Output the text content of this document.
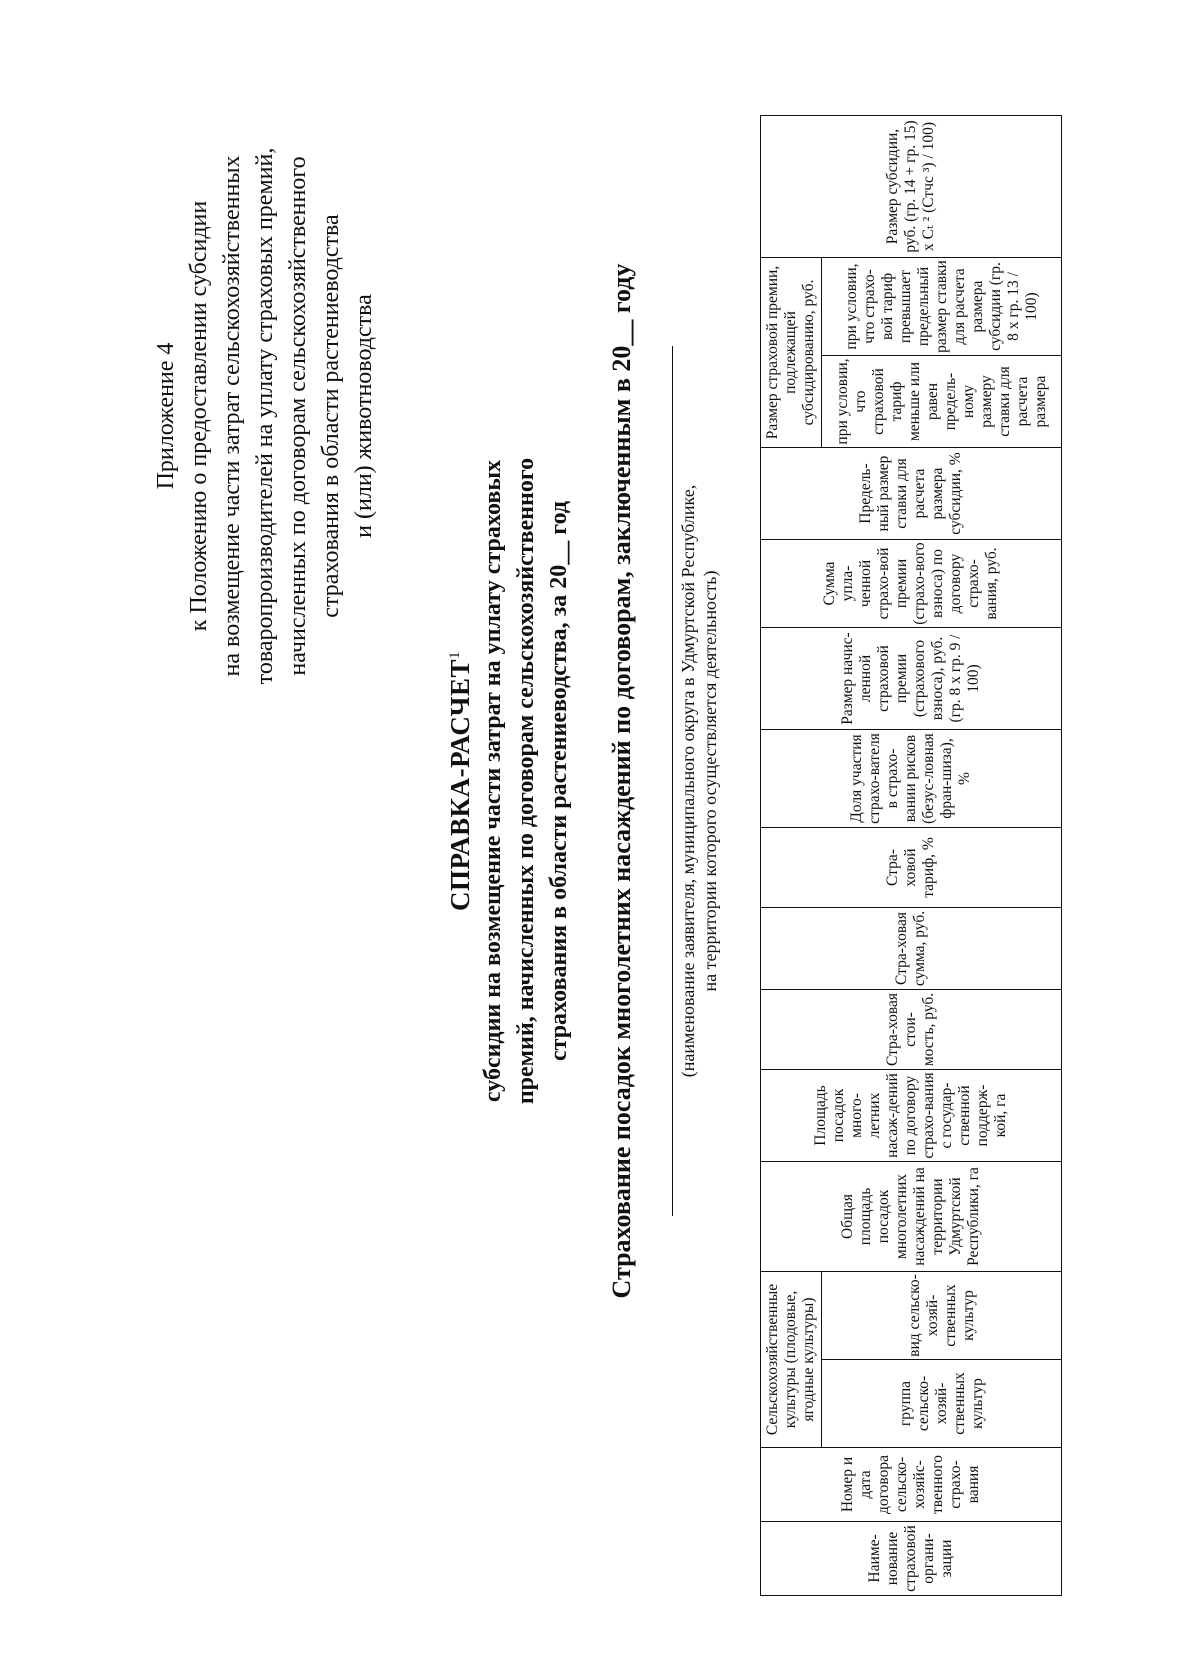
Приложение 4 к Положению о предоставлении субсидии на возмещение части затрат сельскохозяйственных товаропроизводителей на уплату страховых премий, начисленных по договорам сельскохозяйственного страхования в области растениеводства и (или) животноводства
СПРАВКА-РАСЧЕТ$^1$ субсидии на возмещение части затрат на уплату страховых премий, начисленных по договорам сельскохозяйственного страхования в области растениеводства, за 20__ год Страхование посадок многолетних насаждений по договорам, заключенным в 20__ году (наименование заявителя, муниципального округа в Удмуртской Республике, на территории которого осуществляется деятельность)
Наиме-нование страховой органи-зации	Номер и дата договора сельско-хозяйс-твенного страхо-вания	Сельскохозяйственные культуры (плодовые, ягодные культуры)		Общая площадь посадок многолетних насаждений на территории Удмуртской Республики, га	Площадь посадок много-летних насаж-дений по договору страхо-вания с государ-ственной поддерж-кой, га	Стра-ховая стои-мость, руб.	Стра-ховая сумма, руб.	Стра-ховой тариф, %	Доля участия страхо-вателя в страхо-вании рисков (безус-ловная фран-шиза), %	Размер начис-ленной страховой премии (страхового взноса), руб. (гр. 8 х гр. 9 / 100)	Сумма упла-ченной страхо-вой премии (страхо-вого взноса) по договору страхо-вания, руб.	Предель-ный размер ставки для расчета размера субсидии, %	Размер страховой премии, подлежащей субсидированию, руб.		Размер субсидии, руб. (гр. 14 + гр. 15) х Сₜ ² (Стчс ³) / 100)
		группа сельско-хозяй-ственных культур	вид сельско-хозяй-ственных культур										при условии, что страховой тариф меньше или равен предель-ному размеру ставки для расчета размера	при условии, что страхо-вой тариф превышает предельный размер ставки для расчета размера субсидии (гр. 8 х гр. 13 / 100)	
